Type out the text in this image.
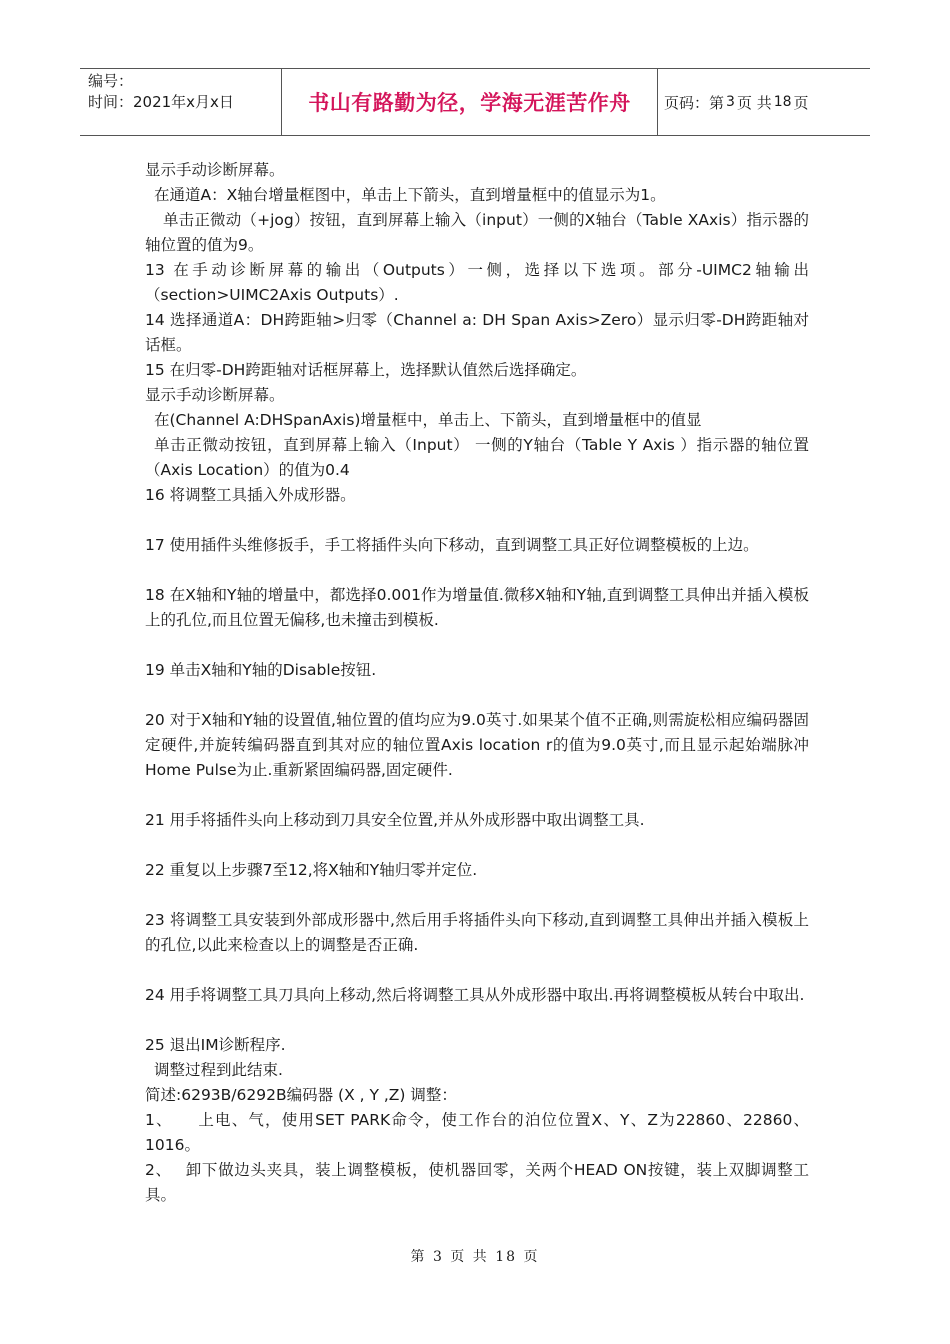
编号：
时间：2021年x月x日	书山有路勤为径，学海无涯苦作舟 页码：第 3 页 共 18 页

显示手动诊断屏幕。

在通道A：X轴台增量框图中，单击上下箭头，直到增量框中的值显示为1。

单击正微动（+jog）按钮，直到屏幕上输入（input）一侧的X轴台（Table XAxis）指示器的轴位置的值为9。

13 在手动诊断屏幕的输出（Outputs）一侧，选择以下选项。部分-UIMC2轴输出（section>UIMC2Axis Outputs）.

14 选择通道A：DH跨距轴>归零（Channel a: DH Span Axis>Zero）显示归零-DH跨距轴对话框。

15 在归零-DH跨距轴对话框屏幕上，选择默认值然后选择确定。

显示手动诊断屏幕。

在(Channel A:DHSpanAxis)增量框中，单击上、下箭头，直到增量框中的值显

单击正微动按钮，直到屏幕上输入（Input） 一侧的Y轴台（Table Y Axis ）指示器的轴位置（Axis Location）的值为0.4

16 将调整工具插入外成形器。

17 使用插件头维修扳手，手工将插件头向下移动，直到调整工具正好位调整模板的上边。

18 在X轴和Y轴的增量中，都选择0.001作为增量值.微移X轴和Y轴,直到调整工具伸出并插入模板上的孔位,而且位置无偏移,也未撞击到模板.

19 单击X轴和Y轴的Disable按钮.

20 对于X轴和Y轴的设置值,轴位置的值均应为9.0英寸.如果某个值不正确,则需旋松相应编码器固定硬件,并旋转编码器直到其对应的轴位置Axis location r的值为9.0英寸,而且显示起始端脉冲Home Pulse为止.重新紧固编码器,固定硬件.

21 用手将插件头向上移动到刀具安全位置,并从外成形器中取出调整工具.

22 重复以上步骤7至12,将X轴和Y轴归零并定位.

23 将调整工具安装到外部成形器中,然后用手将插件头向下移动,直到调整工具伸出并插入模板上的孔位,以此来检查以上的调整是否正确.

24 用手将调整工具刀具向上移动,然后将调整工具从外成形器中取出.再将调整模板从转台中取出.

25 退出IM诊断程序.

调整过程到此结束.

简述:6293B/6292B编码器 (X , Y ,Z) 调整：

1、　　上电、气，使用SET PARK命令，使工作台的泊位位置X、Y、Z为22860、22860、1016。

2、　 卸下做边头夹具，装上调整模板，使机器回零，关两个HEAD ON按键，装上双脚调整工具。

第 3 页 共 18 页
